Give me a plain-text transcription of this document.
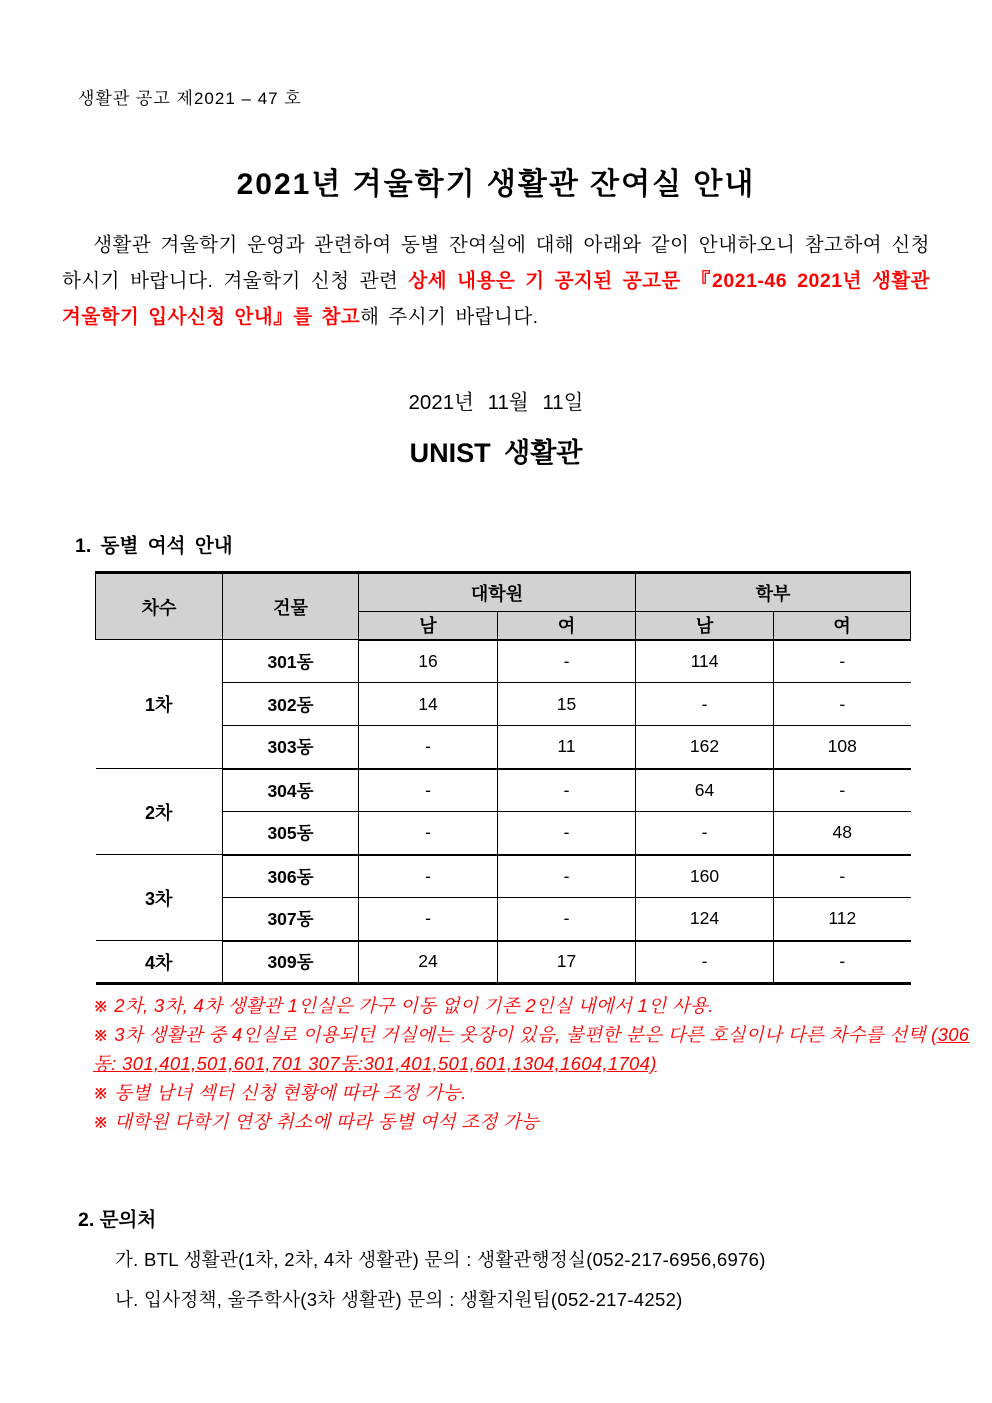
생활관 공고 제2021 – 47 호
2021년 겨울학기 생활관 잔여실 안내

생활관 겨울학기 운영과 관련하여 동별 잔여실에 대해 아래와 같이 안내하오니 참고하여 신청하시기 바랍니다. 겨울학기 신청 관련 상세 내용은 기 공지된 공고문 『2021-46 2021년 생활관 겨울학기 입사신청 안내』를 참고해 주시기 바랍니다.

2021년 11월 11일
UNIST 생활관
1. 동별 여석 안내
차수	건물	대학원		학부	
		남	여	남	여
1차	301동	16	-	114	-
	302동	14	15	-	-
	303동	-	11	162	108
2차	304동	-	-	64	-
	305동	-	-	-	48
3차	306동	-	-	160	-
	307동	-	-	124	112
4차	309동	24	17	-	-
※ 2차, 3차, 4차 생활관 1인실은 가구 이동 없이 기존 2인실 내에서 1인 사용.
※ 3차 생활관 중 4인실로 이용되던 거실에는 옷장이 있음, 불편한 분은 다른 호실이나 다른 차수를 선택 (306동: 301,401,501,601,701 307동:301,401,501,601,1304,1604,1704)
※ 동별 남녀 섹터 신청 현황에 따라 조정 가능.
※ 대학원 다학기 연장 취소에 따라 동별 여석 조정 가능
2. 문의처
가. BTL 생활관(1차, 2차, 4차 생활관) 문의 : 생활관행정실(052-217-6956,6976)
나. 입사정책, 울주학사(3차 생활관) 문의 : 생활지원팀(052-217-4252)
